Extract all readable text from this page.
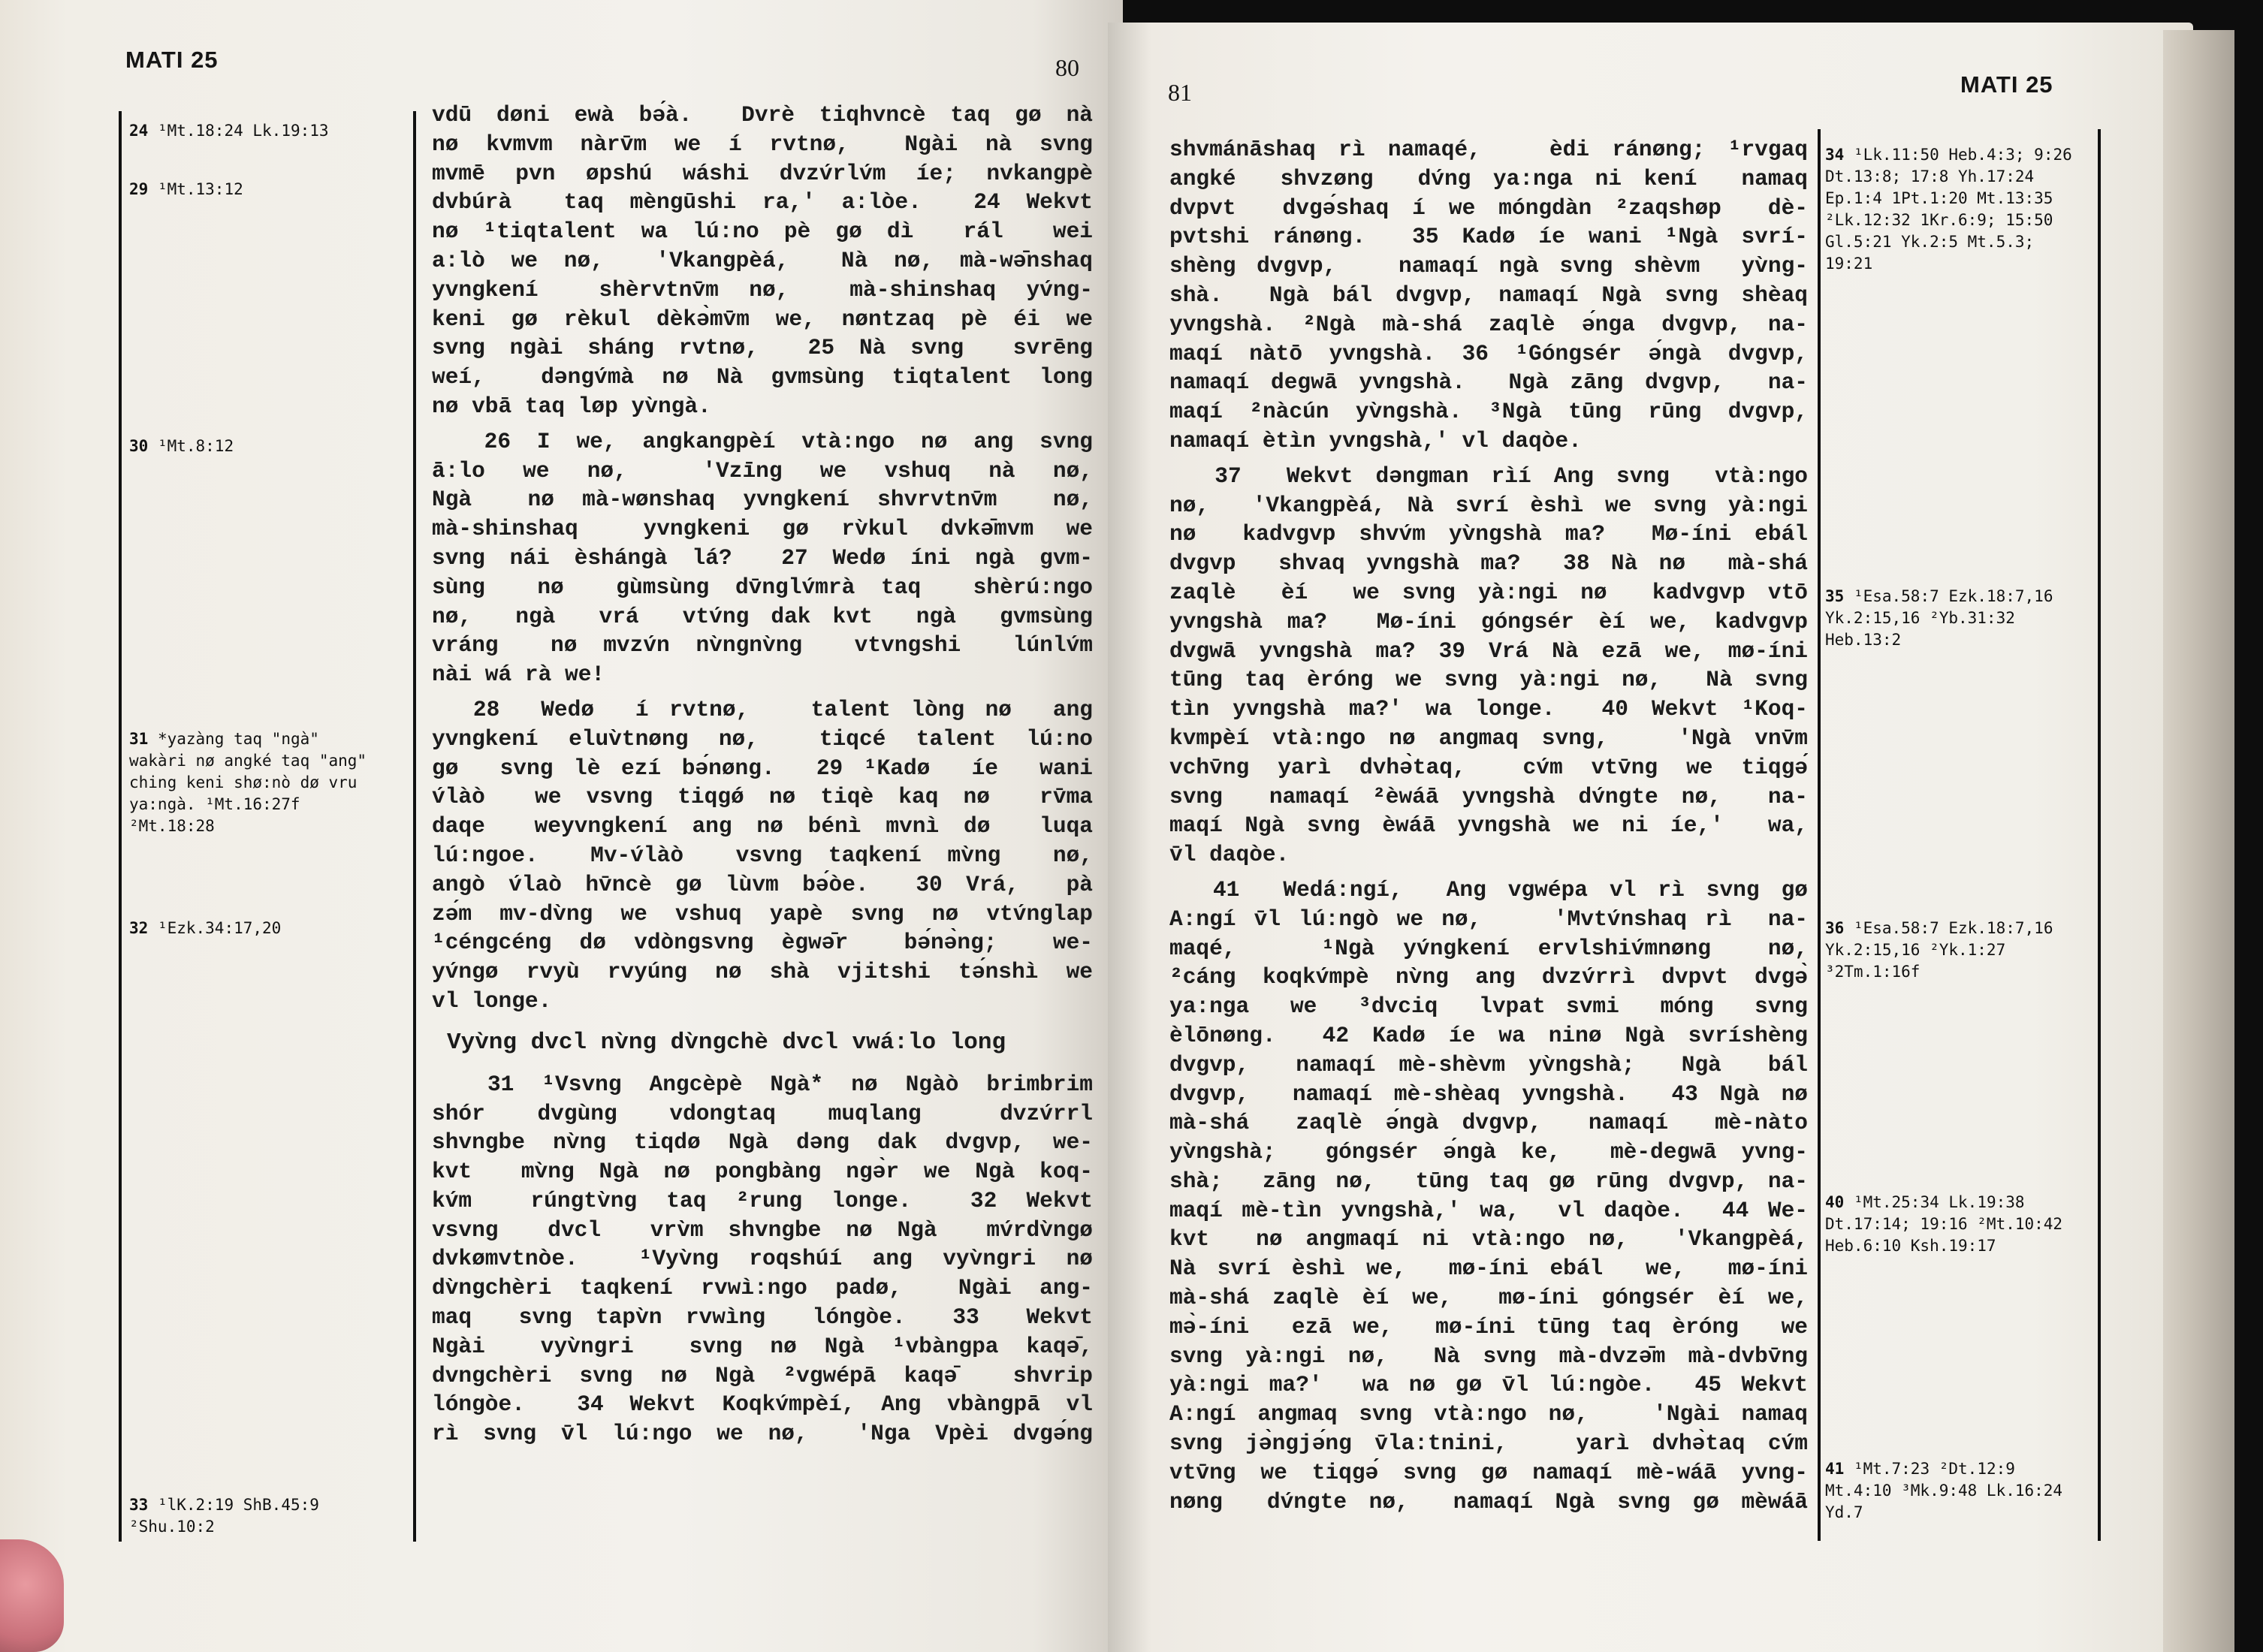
MATI 25	80
24 ¹Mt.18:24 Lk.19:13
29 ¹Mt.13:12
30 ¹Mt.8:12
31 *yazàng taq "ngà"
wakàri nø angké taq "ang"
ching keni shø:nò dø vru
ya:ngà. ¹Mt.16:27f
²Mt.18:28
32 ¹Ezk.34:17,20
33 ¹lK.2:19 ShB.45:9
²Shu.10:2
vdū døni ewà bə́à.  Dvrè tiqhvncè taq gø nà
nø kvmvm nàrv̄m we í rvtnø,  Ngài nà svng
mvmē pvn øpshú wáshi dvzv́rlv́m íe; nvkangpè
dvbúrà  taq mèngūshi ra,' a:lòe.  24 Wekvt
nø ¹tiqtalent wa lú:no pè gø dì  rál  wei
a:lò we nø,  'Vkangpèá,  Nà nø, mà-wə̄nshaq
yvngkení  shèrvtnv̄m nø,  mà-shinshaq yv́ng-
keni gø rèkul dèkə̀mv̄m we, nøntzaq pè éi we
svng ngài sháng rvtnø,  25 Nà svng  svrēng
weí,  dəngv́mà nø Nà gvmsùng tiqtalent long
nø vbā taq løp yv̀ngà.
26 I we, angkangpèí vtà:ngo nø ang svng
ā:lo we nø,  'Vzīng we vshuq nà nø,
Ngà  nø mà-wønshaq yvngkení shvrvtnv̄m  nø,
mà-shinshaq  yvngkeni gø rv̀kul dvkə̄mvm we
svng nái èshángà lá?  27 Wedø íni ngà gvm-
sùng  nø  gùmsùng dv̄nglv́mrà taq  shèrú:ngo
nø,  ngà  vrá  vtv́ng dak kvt  ngà  gvmsùng
vráng  nø mvzv́n nv̀ngnv̀ng  vtvngshi  lúnlv́m
nài wá rà we!
28  Wedø  í rvtnø,   talent lòng nø  ang
yvngkení eluv̀tnøng nø,  tiqcé talent lú:no
gø  svng lè ezí bə́nøng.  29 ¹Kadø  íe  wani
v́làò  we vsvng tiqgǿ nø tiqè kaq nø  rv̄ma
daqe  weyvngkení ang nø bénì mvnì dø  luqa
lú:ngoe.  Mv-v́làò  vsvng taqkení mv̀ng  nø,
angò v́laò hv̄ncè gø lùvm bə́òe.  30 Vrá,  pà
zə́m mv-dv̀ng we vshuq yapè svng nø vtv́nglap
¹céngcéng dø vdòngsvng ègwə̄r  bə́nə̀ng;  we-
yv́ngø rvyù rvyúng nø shà vjitshi tə́nshì we
vl longe.
Vyv̀ng dvcl nv̀ng dv̀ngchè dvcl vwá:lo long
31 ¹Vsvng Angcèpè Ngà* nø Ngàò brimbrim
shór  dvgùng  vdongtaq  muqlang   dvzv́rrl
shvngbe nv̀ng tiqdø Ngà dəng dak dvgvp, we-
kvt  mv̀ng Ngà nø pongbàng ngə̀r we Ngà koq-
kv́m  rúngtv̀ng taq ²rung longe.  32 Wekvt
vsvng  dvcl  vrv̀m shvngbe nø Ngà  mv́rdv̀ngø
dvkømvtnòe.  ¹Vyv̀ng roqshúí ang vyv̀ngri nø
dv̀ngchèri taqkení rvwì:ngo padø,  Ngài ang-
maq  svng tapv̀n rvwìng  lóngòe.  33  Wekvt
Ngài  vyv̀ngri  svng nø Ngà ¹vbàngpa kaqə̄,
dvngchèri svng nø Ngà ²vgwépā kaqə̄  shvrip
lóngòe.  34 Wekvt Koqkv́mpèí, Ang vbàngpā vl
rì svng v̄l lú:ngo we nø,  'Nga Vpèi dvgə́ng
81	MATI 25
shvmánāshaq rì namaqé,   èdi ránøng; ¹rvgaq
angké  shvzøng  dv́ng ya:nga ni kení  namaq
dvpvt  dvgə́shaq í we móngdàn ²zaqshøp  dè-
pvtshi ránøng.  35 Kadø íe wani ¹Ngà svrí-
shèng dvgvp,   namaqí ngà svng shèvm  yv̀ng-
shà.  Ngà bál dvgvp, namaqí Ngà svng shèaq
yvngshà. ²Ngà mà-shá zaqlè ə́nga dvgvp, na-
maqí nàtō yvngshà. 36 ¹Góngsér ə́ngà dvgvp,
namaqí degwā yvngshà.  Ngà zāng dvgvp,  na-
maqí ²nàcún yv̀ngshà. ³Ngà tūng rūng dvgvp,
namaqí ètìn yvngshà,' vl daqòe.
37  Wekvt dəngman rìí Ang svng  vtà:ngo
nø,  'Vkangpèá, Nà svrí èshì we svng yà:ngi
nø  kadvgvp shvv́m yv̀ngshà ma?  Mø-íni ebál
dvgvp  shvaq yvngshà ma?  38 Nà nø  mà-shá
zaqlè  èí  we svng yà:ngi nø  kadvgvp vtō
yvngshà ma?  Mø-íni góngsér èí we, kadvgvp
dvgwā yvngshà ma? 39 Vrá Nà ezā we, mø-íni
tūng taq èróng we svng yà:ngi nø,  Nà svng
tìn yvngshà ma?' wa longe.  40 Wekvt ¹Koq-
kvmpèí vtà:ngo nø angmaq svng,   'Ngà vnv̄m
vchv̄ng yarì dvhə̀taq,  cv́m vtv̄ng we tiqgə́
svng  namaqí ²èwáā yvngshà dv́ngte nø,  na-
maqí Ngà svng èwáā yvngshà we ni íe,'  wa,
v̄l daqòe.
41  Wedá:ngí,  Ang vgwépa vl rì svng gø
A:ngí v̄l lú:ngò we nø,    'Mvtv́nshaq rì  na-
maqé,   ¹Ngà yv́ngkení ervlshiv́mnøng  nø,
²cáng koqkv́mpè nv̀ng ang dvzv́rrì dvpvt dvgə̀
ya:nga  we  ³dvciq  lvpat svmi  móng  svng
èlōnøng.  42 Kadø íe wa ninø Ngà svríshèng
dvgvp,  namaqí mè-shèvm yv̀ngshà;  Ngà  bál
dvgvp,  namaqí mè-shèaq yvngshà.  43 Ngà nø
mà-shá  zaqlè ə́ngà dvgvp,  namaqí  mè-nàto
yv̀ngshà;  góngsér ə́ngà ke,  mè-degwā yvng-
shà;  zāng nø,  tūng taq gø rūng dvgvp, na-
maqí mè-tìn yvngshà,' wa,  vl daqòe.  44 We-
kvt  nø angmaqí ni vtà:ngo nø,  'Vkangpèá,
Nà svrí èshì we,  mø-íni ebál  we,  mø-íni
mà-shá zaqlè èí we,  mø-íni góngsér èí we,
mə̀-íni  ezā we,  mø-íni tūng taq èróng  we
svng yà:ngi nø,  Nà svng mà-dvzə̄m mà-dvbv̄ng
yà:ngi ma?'  wa nø gø v̄l lú:ngòe.  45 Wekvt
A:ngí angmaq svng vtà:ngo nø,   'Ngài namaq
svng jə̀ngjə́ng v̄la:tnini,   yarì dvhə̀taq cv́m
vtv̄ng we tiqgə́ svng gø namaqí mè-wáā yvng-
nøng  dv́ngte nø,  namaqí Ngà svng gø mèwáā
34 ¹Lk.11:50 Heb.4:3; 9:26
Dt.13:8; 17:8 Yh.17:24
Ep.1:4 1Pt.1:20 Mt.13:35
²Lk.12:32 1Kr.6:9; 15:50
Gl.5:21 Yk.2:5 Mt.5.3;
19:21
35 ¹Esa.58:7 Ezk.18:7,16
Yk.2:15,16 ²Yb.31:32
Heb.13:2
36 ¹Esa.58:7 Ezk.18:7,16
Yk.2:15,16 ²Yk.1:27
³2Tm.1:16f
40 ¹Mt.25:34 Lk.19:38
Dt.17:14; 19:16 ²Mt.10:42
Heb.6:10 Ksh.19:17
41 ¹Mt.7:23 ²Dt.12:9
Mt.4:10 ³Mk.9:48 Lk.16:24
Yd.7
